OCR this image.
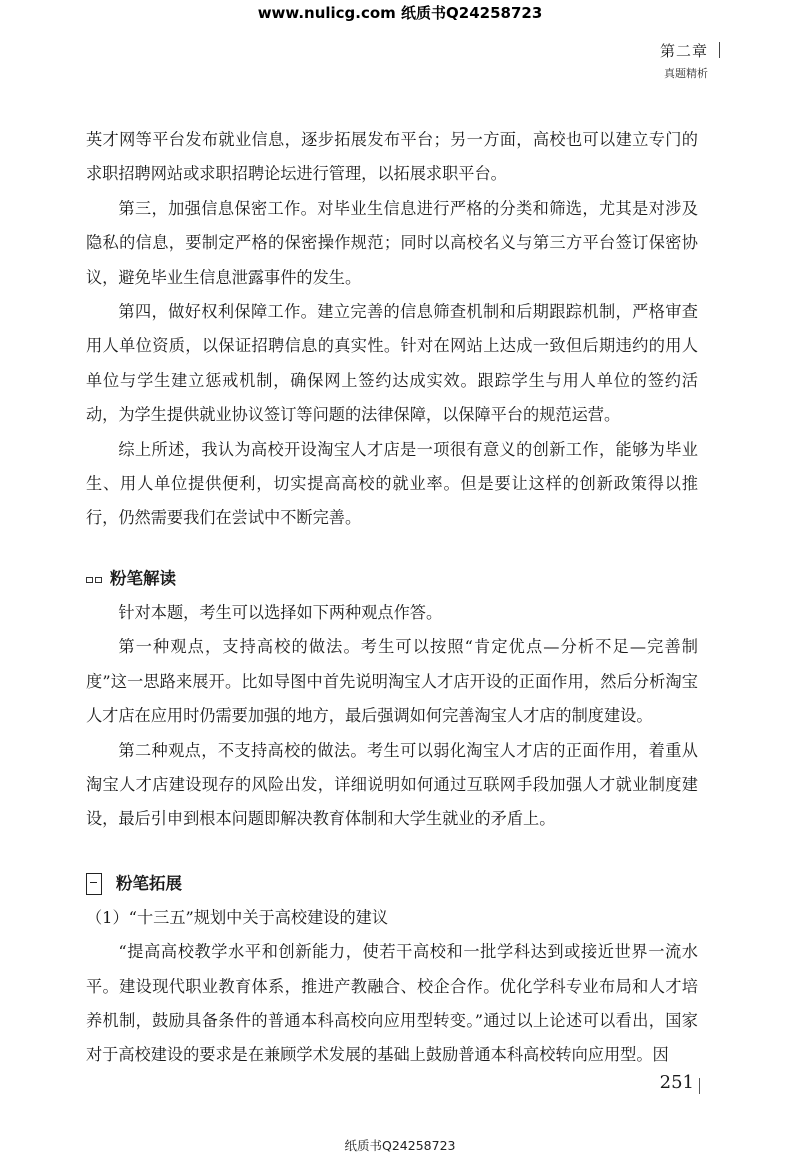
www.nulicg.com 纸质书Q24258723
第二章
真题精析

英才网等平台发布就业信息，逐步拓展发布平台；另一方面，高校也可以建立专门的求职招聘网站或求职招聘论坛进行管理，以拓展求职平台。

第三，加强信息保密工作。对毕业生信息进行严格的分类和筛选，尤其是对涉及隐私的信息，要制定严格的保密操作规范；同时以高校名义与第三方平台签订保密协议，避免毕业生信息泄露事件的发生。

第四，做好权利保障工作。建立完善的信息筛查机制和后期跟踪机制，严格审查用人单位资质，以保证招聘信息的真实性。针对在网站上达成一致但后期违约的用人单位与学生建立惩戒机制，确保网上签约达成实效。跟踪学生与用人单位的签约活动，为学生提供就业协议签订等问题的法律保障，以保障平台的规范运营。

综上所述，我认为高校开设淘宝人才店是一项很有意义的创新工作，能够为毕业生、用人单位提供便利，切实提高高校的就业率。但是要让这样的创新政策得以推行，仍然需要我们在尝试中不断完善。

粉笔解读

针对本题，考生可以选择如下两种观点作答。

第一种观点，支持高校的做法。考生可以按照“肯定优点—分析不足—完善制度”这一思路来展开。比如导图中首先说明淘宝人才店开设的正面作用，然后分析淘宝人才店在应用时仍需要加强的地方，最后强调如何完善淘宝人才店的制度建设。

第二种观点，不支持高校的做法。考生可以弱化淘宝人才店的正面作用，着重从淘宝人才店建设现存的风险出发，详细说明如何通过互联网手段加强人才就业制度建设，最后引申到根本问题即解决教育体制和大学生就业的矛盾上。

粉笔拓展

（1）“十三五”规划中关于高校建设的建议

“提高高校教学水平和创新能力，使若干高校和一批学科达到或接近世界一流水平。建设现代职业教育体系，推进产教融合、校企合作。优化学科专业布局和人才培养机制，鼓励具备条件的普通本科高校向应用型转变。”通过以上论述可以看出，国家对于高校建设的要求是在兼顾学术发展的基础上鼓励普通本科高校转向应用型。因

251
纸质书Q24258723
